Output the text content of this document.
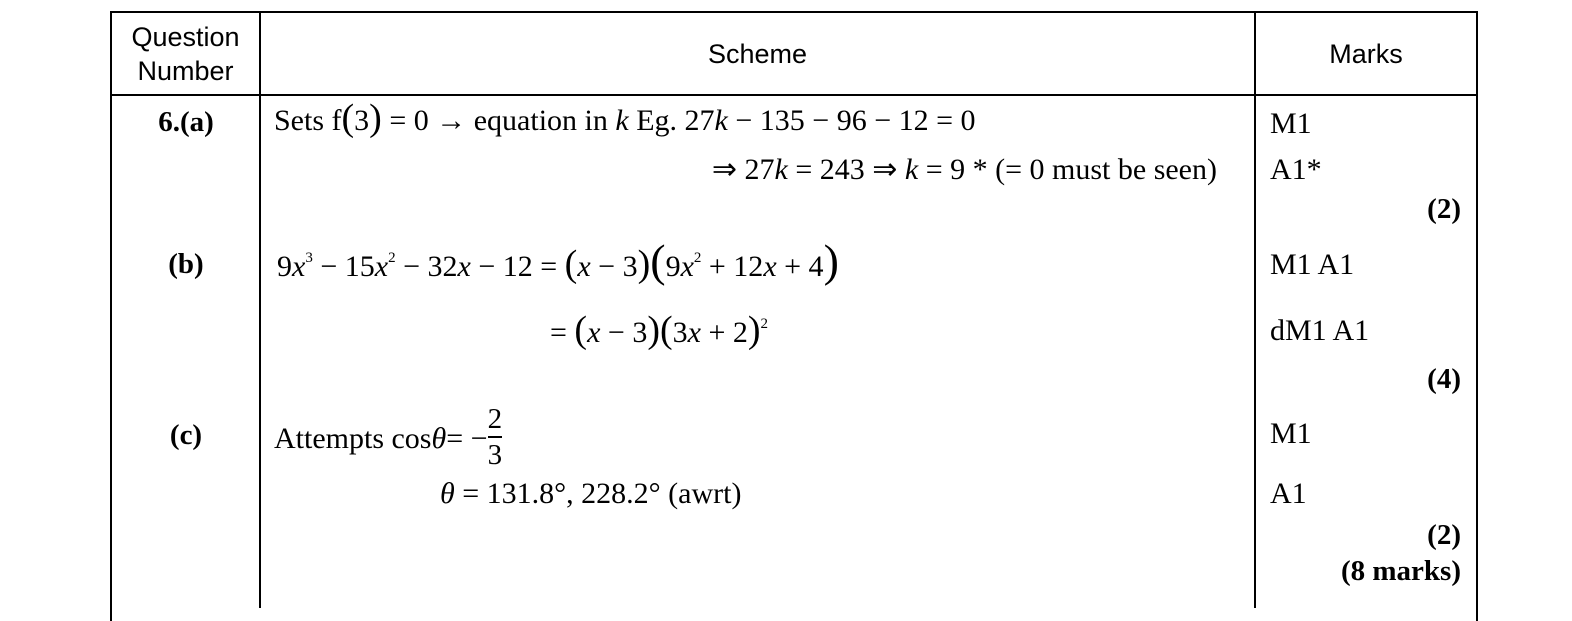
Question
Number
Scheme	Marks
6.(a)
(b)
(c)
Sets f(3) = 0 → equation in k Eg. 27k − 135 − 96 − 12 = 0
⇒ 27k = 243 ⇒ k = 9 * (= 0 must be seen)
M1
A1*
(2)
$9x^3 - 15x^2 - 32x - 12 = (x - 3)(9x^2 + 12x + 4)$
= $(x - 3)(3x + 2)^2$
M1 A1
dM1 A1
(4)
Attempts cos θ = − $\frac{2}{3}$
θ = 131.8°, 228.2° (awrt)
M1
A1
(2)
(8 marks)
